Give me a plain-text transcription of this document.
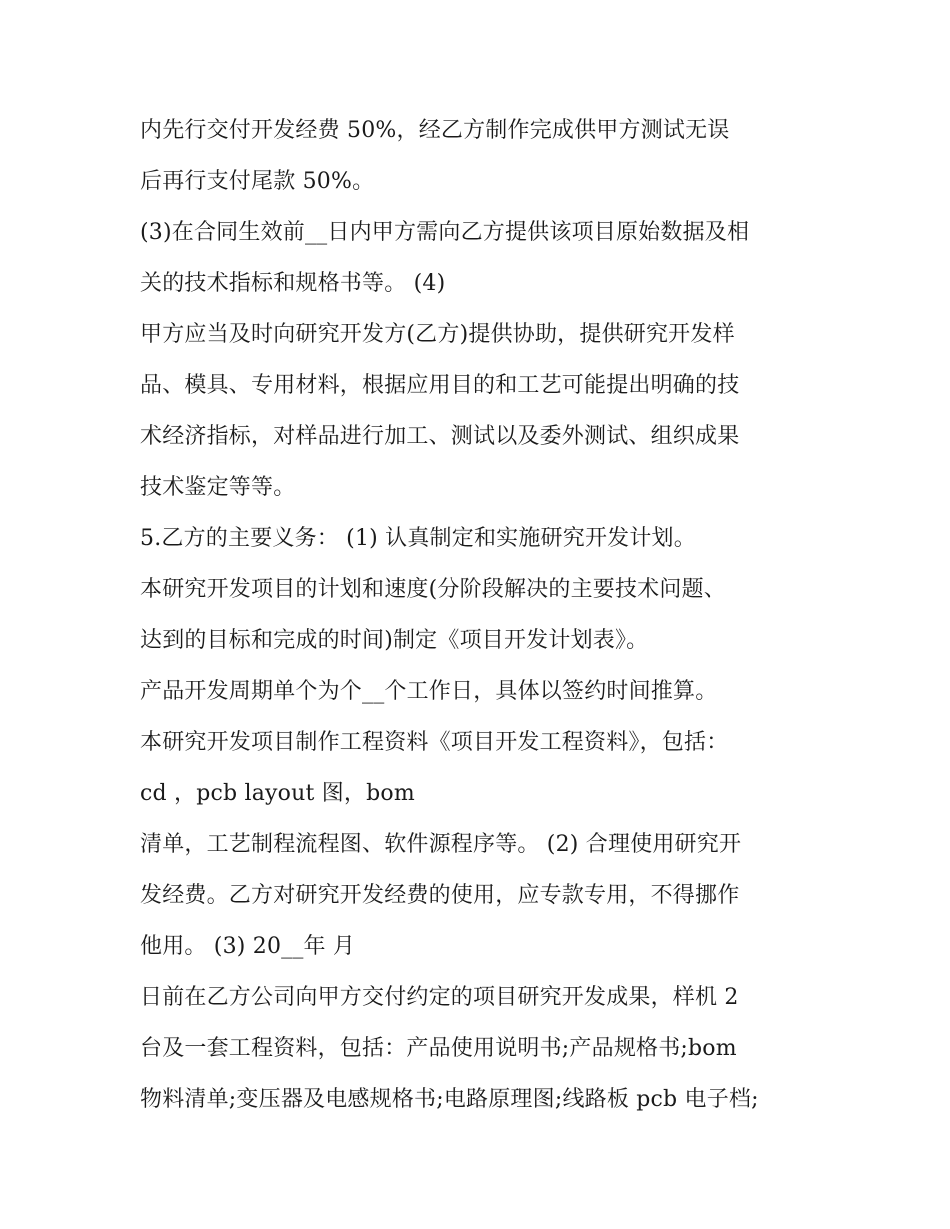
内先行交付开发经费 50%，经乙方制作完成供甲方测试无误
后再行支付尾款 50%。
(3)在合同生效前__日内甲方需向乙方提供该项目原始数据及相
关的技术指标和规格书等。 (4)
甲方应当及时向研究开发方(乙方)提供协助，提供研究开发样
品、模具、专用材料，根据应用目的和工艺可能提出明确的技
术经济指标，对样品进行加工、测试以及委外测试、组织成果
技术鉴定等等。
5.乙方的主要义务： (1) 认真制定和实施研究开发计划。
本研究开发项目的计划和速度(分阶段解决的主要技术问题、
达到的目标和完成的时间)制定《项目开发计划表》。
产品开发周期单个为个__个工作日，具体以签约时间推算。
本研究开发项目制作工程资料《项目开发工程资料》，包括：
cd ，pcb layout 图，bom
清单，工艺制程流程图、软件源程序等。 (2) 合理使用研究开
发经费。乙方对研究开发经费的使用，应专款专用，不得挪作
他用。 (3) 20__年 月
日前在乙方公司向甲方交付约定的项目研究开发成果，样机 2
台及一套工程资料，包括：产品使用说明书;产品规格书;bom
物料清单;变压器及电感规格书;电路原理图;线路板 pcb 电子档;
